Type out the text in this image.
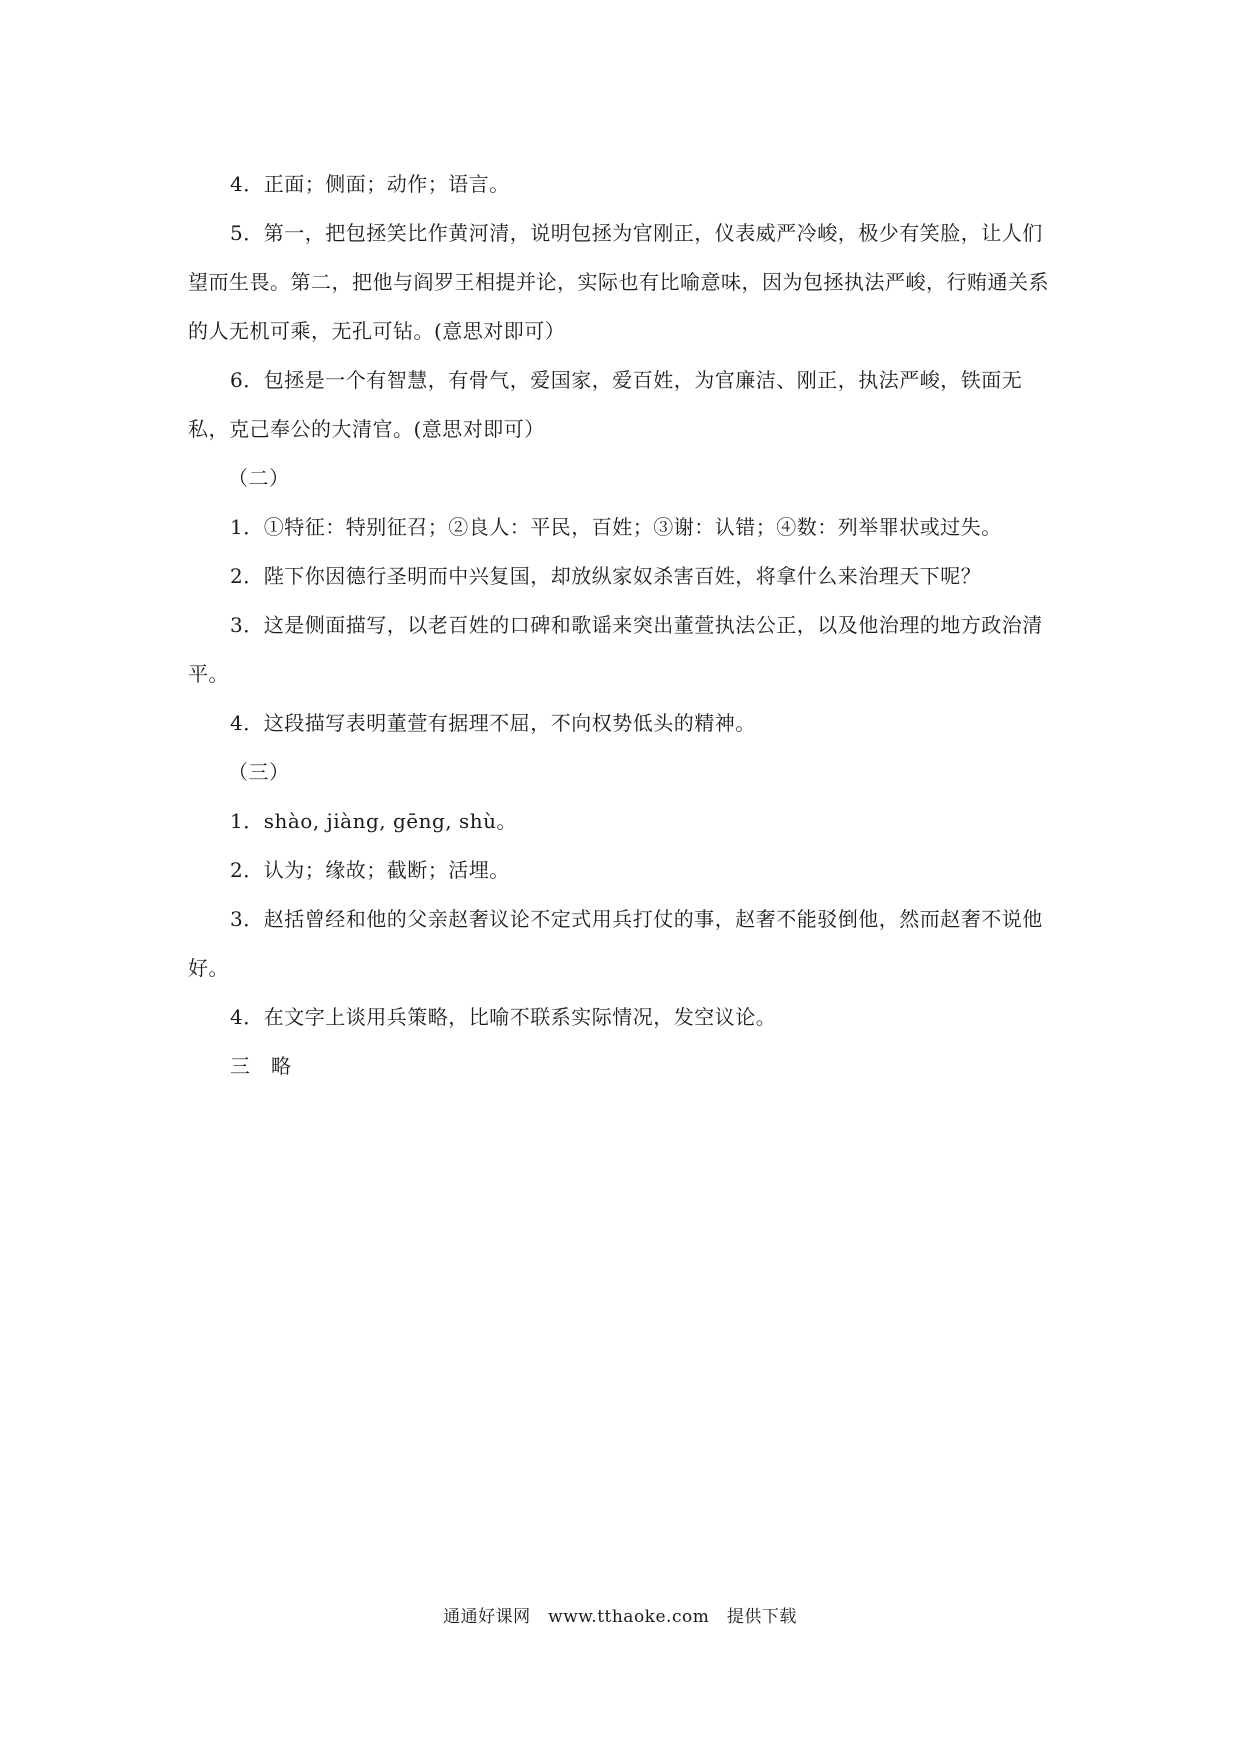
4．正面；侧面；动作；语言。

5．第一，把包拯笑比作黄河清，说明包拯为官刚正，仪表威严冷峻，极少有笑脸，让人们望而生畏。第二，把他与阎罗王相提并论，实际也有比喻意味，因为包拯执法严峻，行贿通关系的人无机可乘，无孔可钻。(意思对即可）

6．包拯是一个有智慧，有骨气，爱国家，爱百姓，为官廉洁、刚正，执法严峻，铁面无私，克己奉公的大清官。(意思对即可）

（二）

1．①特征：特别征召；②良人：平民，百姓；③谢：认错；④数：列举罪状或过失。

2．陛下你因德行圣明而中兴复国，却放纵家奴杀害百姓，将拿什么来治理天下呢？

3．这是侧面描写，以老百姓的口碑和歌谣来突出董萱执法公正，以及他治理的地方政治清平。

4．这段描写表明董萱有据理不屈，不向权势低头的精神。

（三）

1．shào, jiàng, gēng, shù。

2．认为；缘故；截断；活埋。

3．赵括曾经和他的父亲赵奢议论不定式用兵打仗的事，赵奢不能驳倒他，然而赵奢不说他好。

4．在文字上谈用兵策略，比喻不联系实际情况，发空议论。

三　略

通通好课网　www.tthaoke.com　提供下载
